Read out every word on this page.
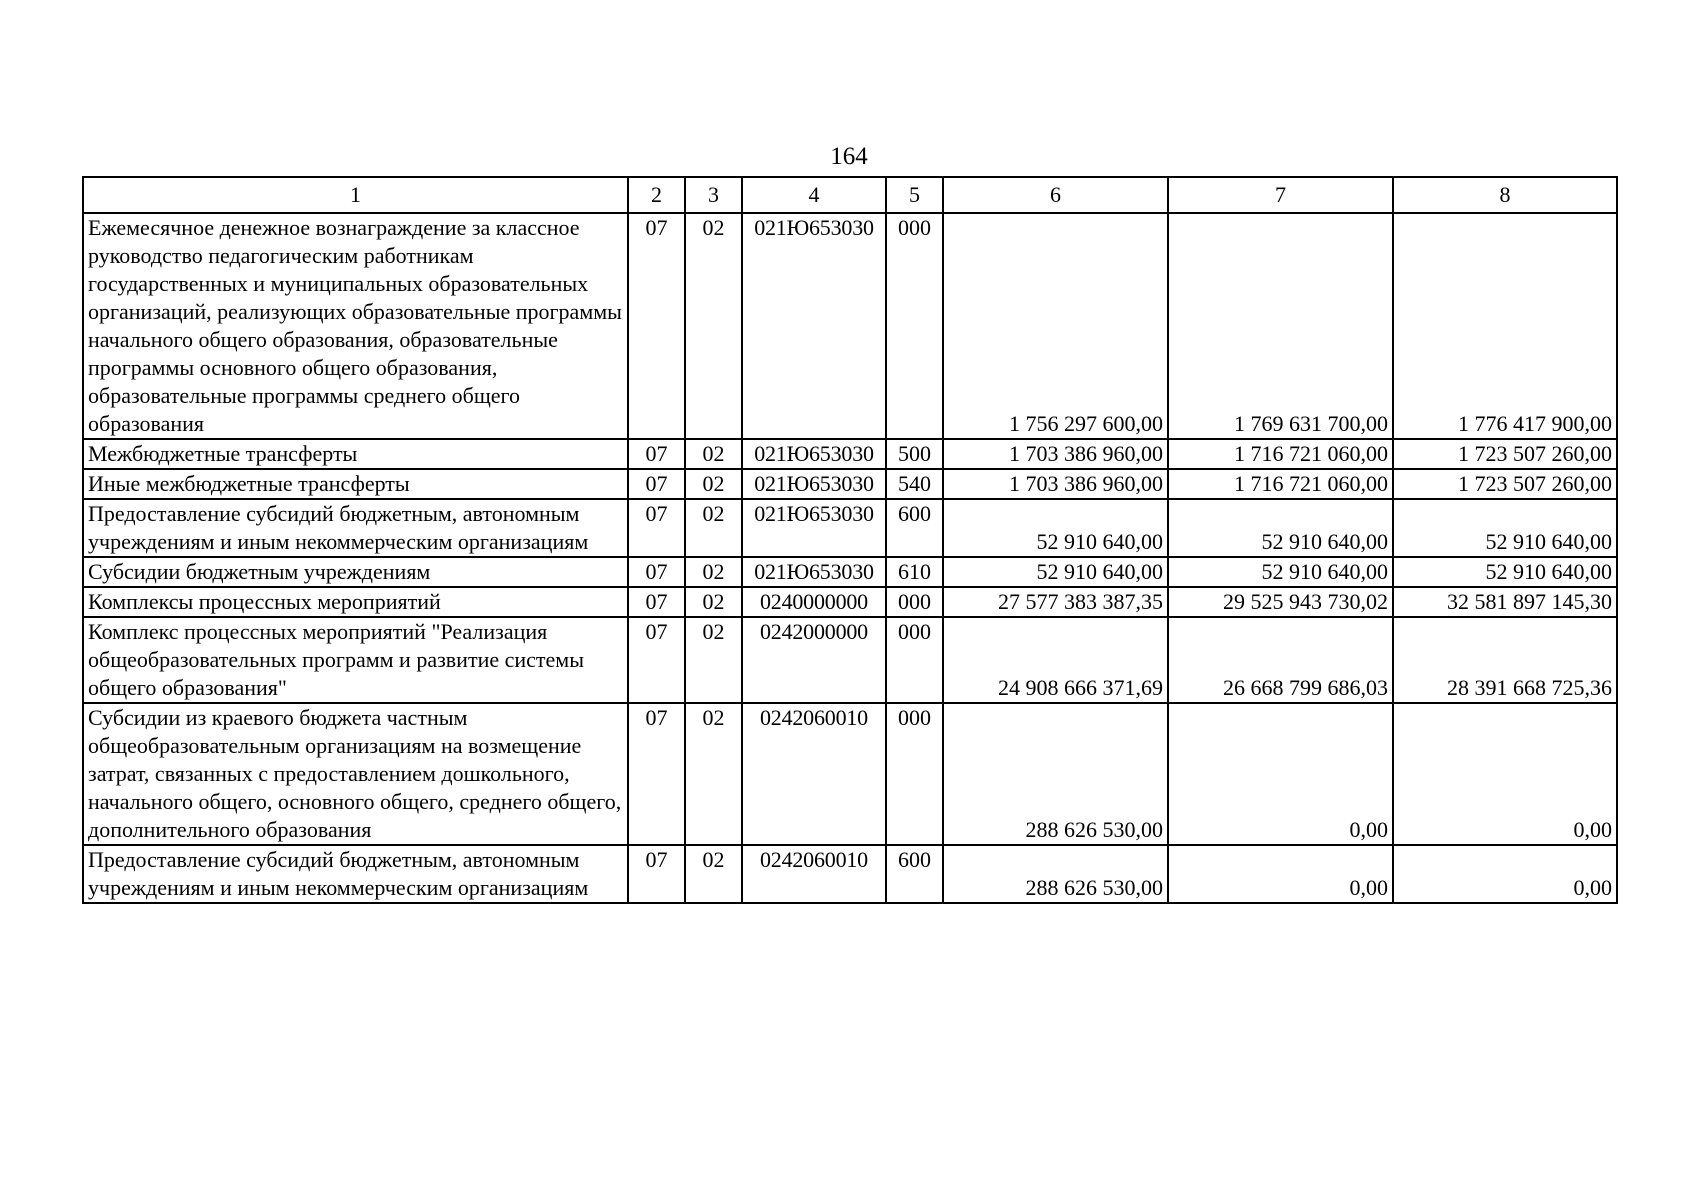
164
1	2	3	4	5	6	7	8
Ежемесячное денежное вознаграждение за классное руководство педагогическим работникам государственных и муниципальных образовательных организаций, реализующих образовательные программы начального общего образования, образовательные программы основного общего образования, образовательные программы среднего общего образования	07	02	021Ю653030	000	1 756 297 600,00	1 769 631 700,00	1 776 417 900,00
Межбюджетные трансферты	07	02	021Ю653030	500	1 703 386 960,00	1 716 721 060,00	1 723 507 260,00
Иные межбюджетные трансферты	07	02	021Ю653030	540	1 703 386 960,00	1 716 721 060,00	1 723 507 260,00
Предоставление субсидий бюджетным, автономным учреждениям и иным некоммерческим организациям	07	02	021Ю653030	600	52 910 640,00	52 910 640,00	52 910 640,00
Субсидии бюджетным учреждениям	07	02	021Ю653030	610	52 910 640,00	52 910 640,00	52 910 640,00
Комплексы процессных мероприятий	07	02	0240000000	000	27 577 383 387,35	29 525 943 730,02	32 581 897 145,30
Комплекс процессных мероприятий "Реализация общеобразовательных программ и развитие системы общего образования"	07	02	0242000000	000	24 908 666 371,69	26 668 799 686,03	28 391 668 725,36
Субсидии из краевого бюджета частным общеобразовательным организациям на возмещение затрат, связанных с предоставлением дошкольного, начального общего, основного общего, среднего общего, дополнительного образования	07	02	0242060010	000	288 626 530,00	0,00	0,00
Предоставление субсидий бюджетным, автономным учреждениям и иным некоммерческим организациям	07	02	0242060010	600	288 626 530,00	0,00	0,00
